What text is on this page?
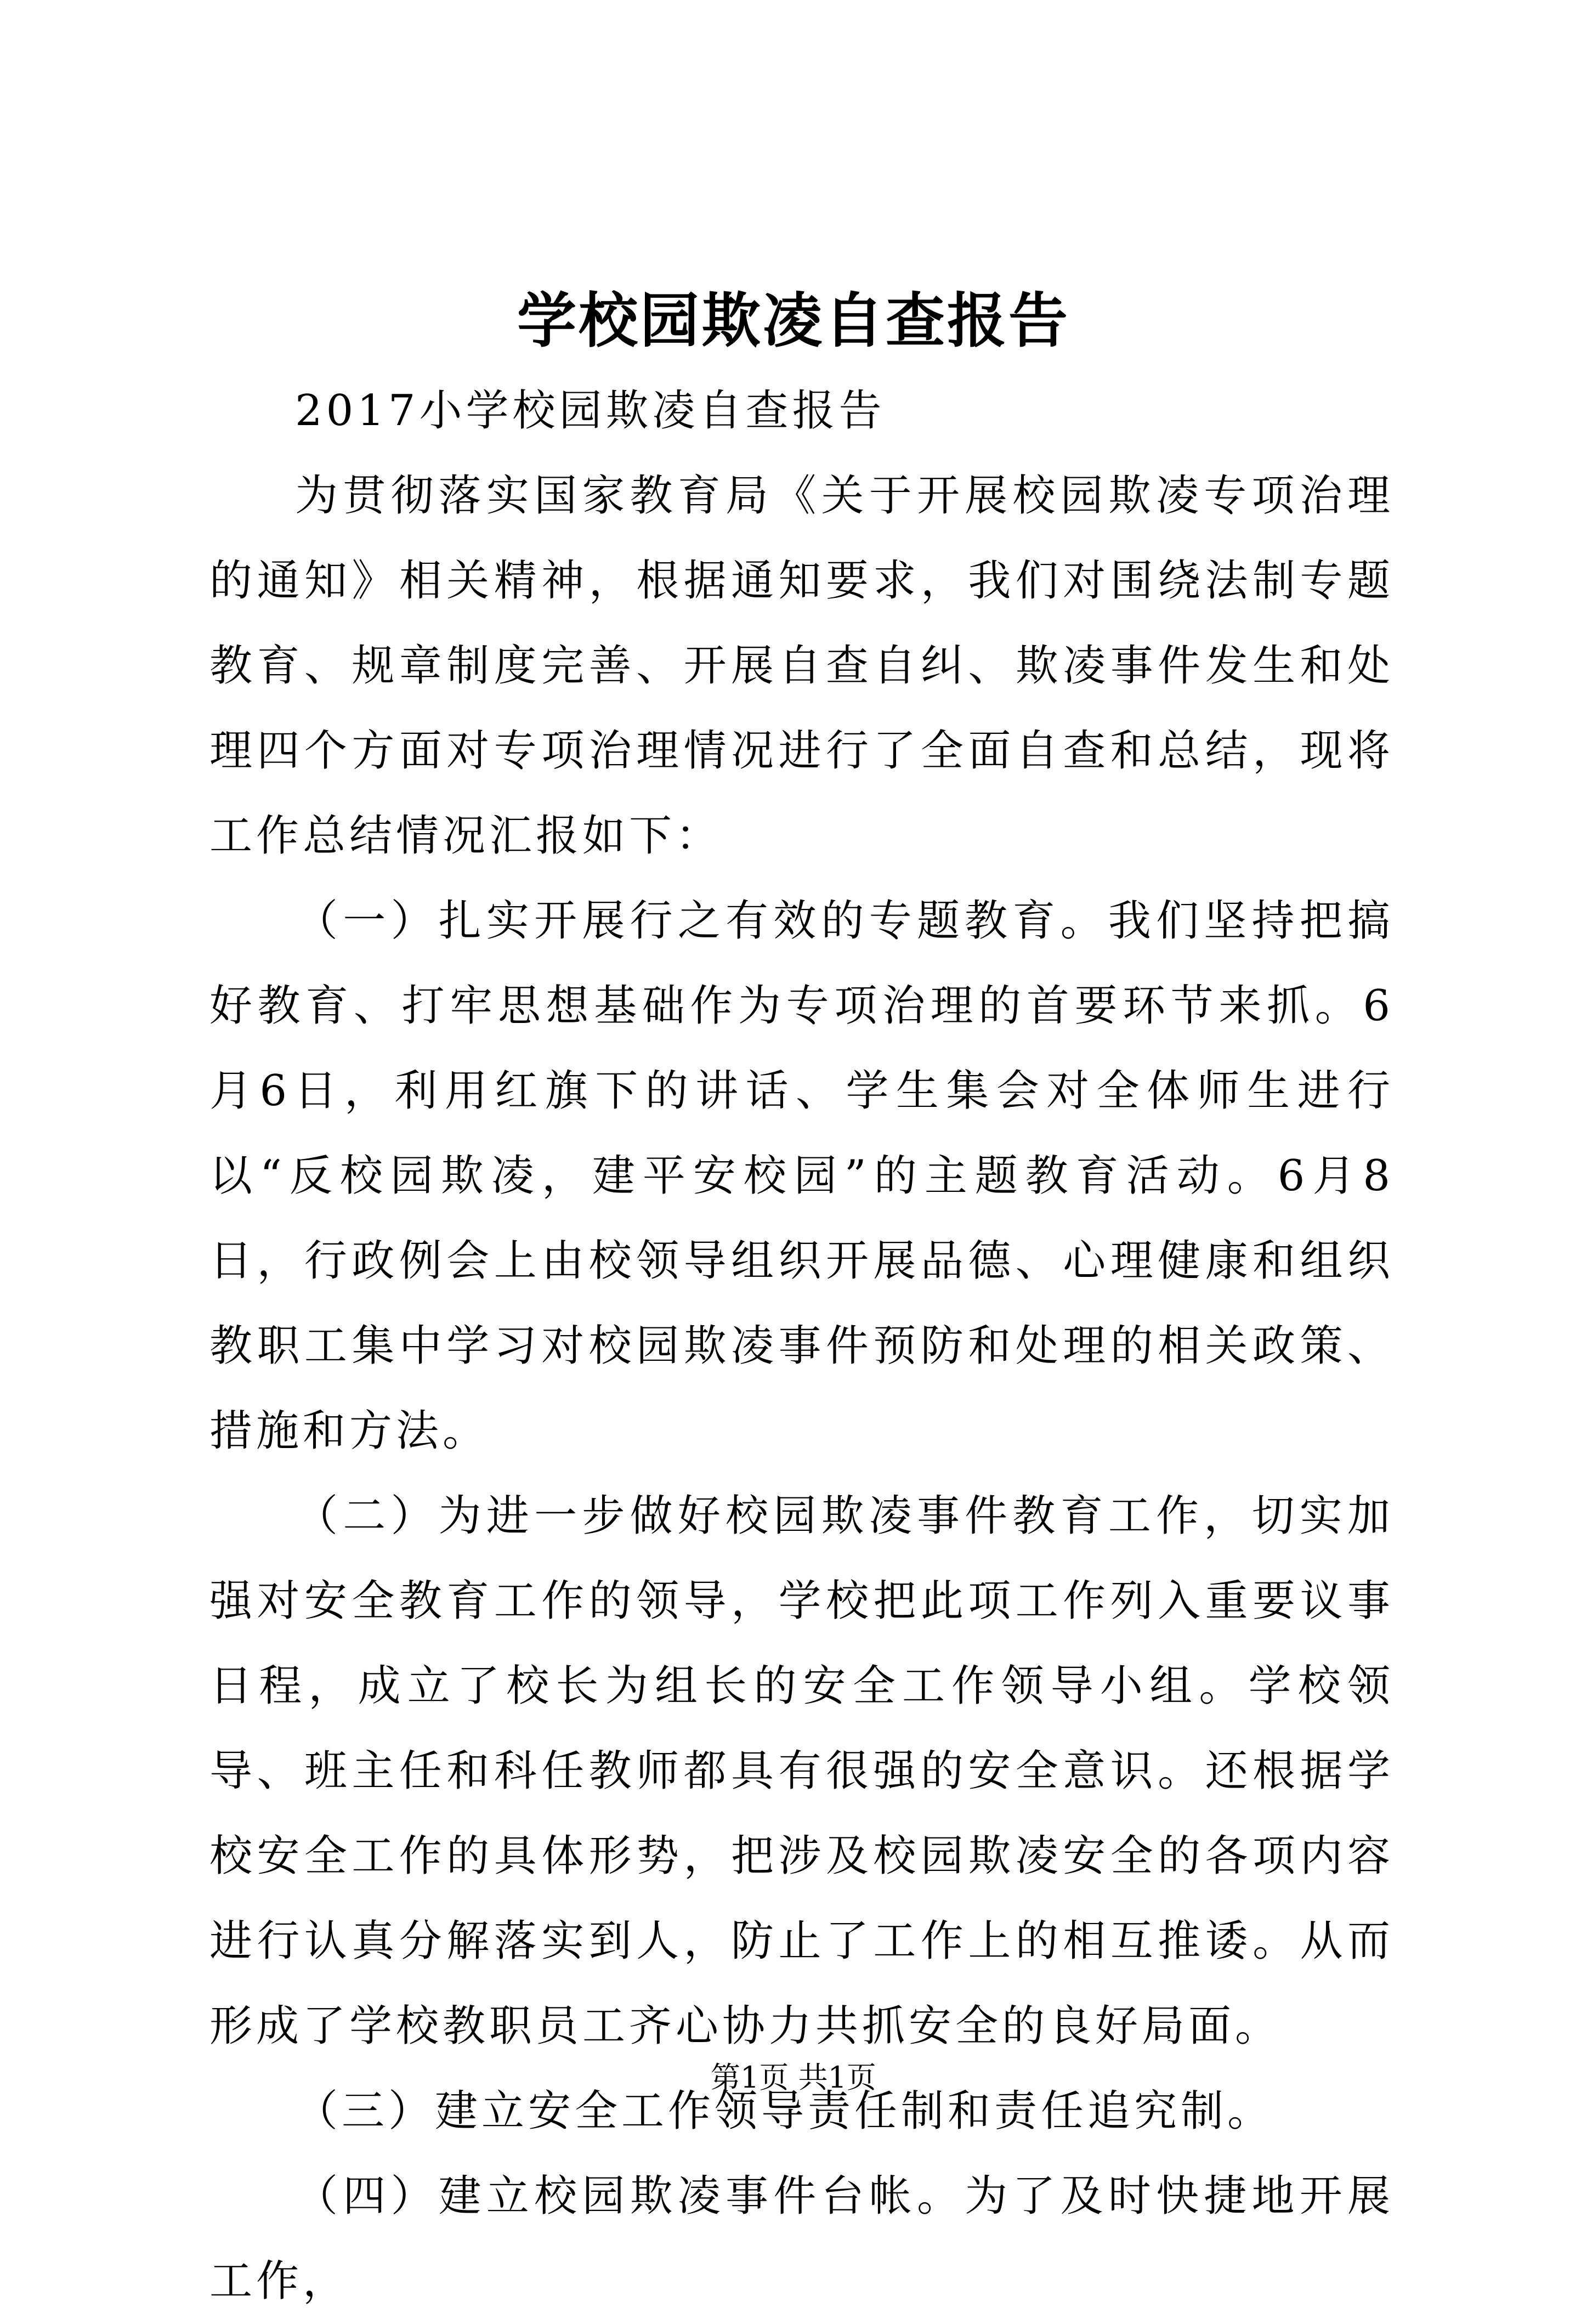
学校园欺凌自查报告

2017小学校园欺凌自查报告

为贯彻落实国家教育局《关于开展校园欺凌专项治理的通知》相关精神，根据通知要求，我们对围绕法制专题教育、规章制度完善、开展自查自纠、欺凌事件发生和处理四个方面对专项治理情况进行了全面自查和总结，现将工作总结情况汇报如下：

（一）扎实开展行之有效的专题教育。我们坚持把搞好教育、打牢思想基础作为专项治理的首要环节来抓。6月6日，利用红旗下的讲话、学生集会对全体师生进行以“反校园欺凌，建平安校园”的主题教育活动。6月8日，行政例会上由校领导组织开展品德、心理健康和组织教职工集中学习对校园欺凌事件预防和处理的相关政策、措施和方法。

（二）为进一步做好校园欺凌事件教育工作，切实加强对安全教育工作的领导，学校把此项工作列入重要议事日程，成立了校长为组长的安全工作领导小组。学校领导、班主任和科任教师都具有很强的安全意识。还根据学校安全工作的具体形势，把涉及校园欺凌安全的各项内容进行认真分解落实到人，防止了工作上的相互推诿。从而形成了学校教职员工齐心协力共抓安全的良好局面。

（三）建立安全工作领导责任制和责任追究制。

（四）建立校园欺凌事件台帐。为了及时快捷地开展工作，

第1页 共1页
